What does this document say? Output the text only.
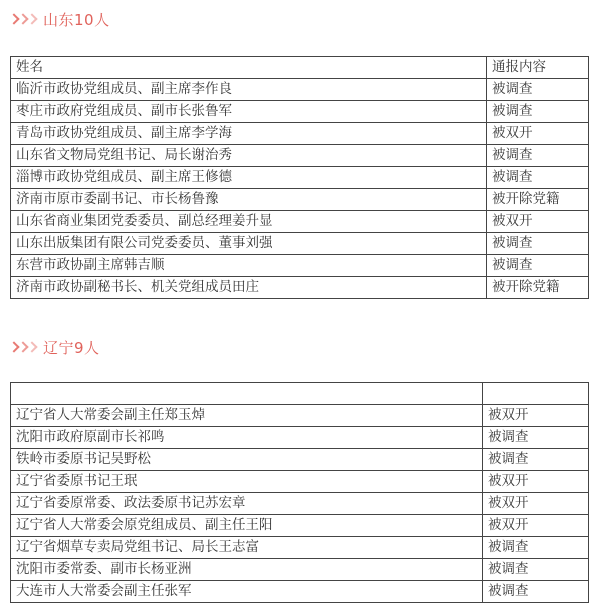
山东10人
姓名	通报内容
临沂市政协党组成员、副主席李作良	被调查
枣庄市政府党组成员、副市长张鲁军	被调查
青岛市政协党组成员、副主席李学海	被双开
山东省文物局党组书记、局长谢治秀	被调查
淄博市政协党组成员、副主席王修德	被调查
济南市原市委副书记、市长杨鲁豫	被开除党籍
山东省商业集团党委委员、副总经理姜升显	被双开
山东出版集团有限公司党委委员、董事刘强	被调查
东营市政协副主席韩吉顺	被调查
济南市政协副秘书长、机关党组成员田庄	被开除党籍
辽宁9人

辽宁省人大常委会副主任郑玉焯	被双开
沈阳市政府原副市长祁鸣	被调查
铁岭市委原书记吴野松	被调查
辽宁省委原书记王珉	被双开
辽宁省委原常委、政法委原书记苏宏章	被双开
辽宁省人大常委会原党组成员、副主任王阳	被双开
辽宁省烟草专卖局党组书记、局长王志富	被调查
沈阳市委常委、副市长杨亚洲	被调查
大连市人大常委会副主任张军	被调查
